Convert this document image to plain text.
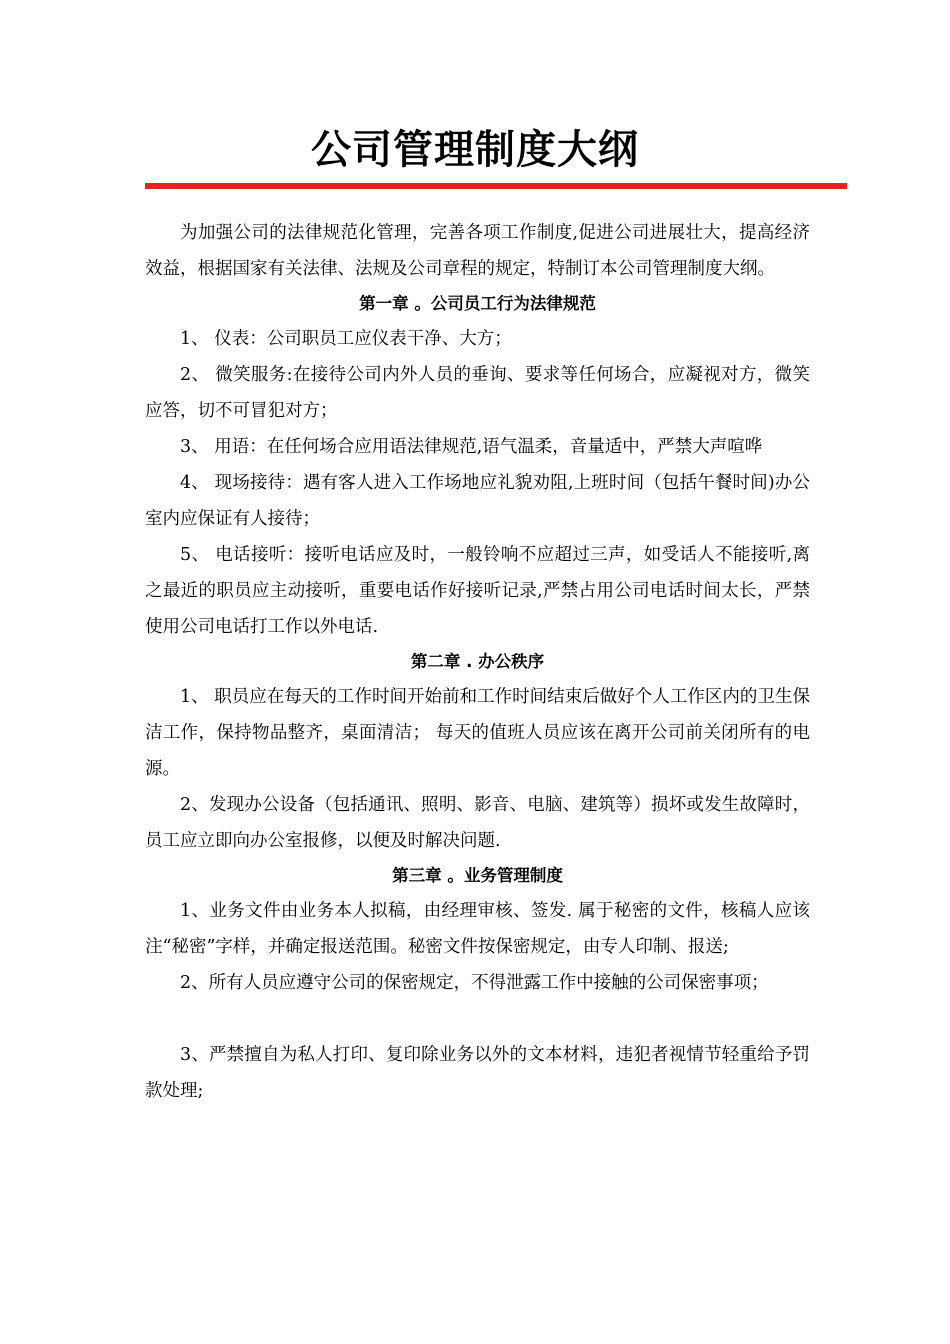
公司管理制度大纲

为加强公司的法律规范化管理，完善各项工作制度,促进公司进展壮大，提高经济效益，根据国家有关法律、法规及公司章程的规定，特制订本公司管理制度大纲。

第一章 。公司员工行为法律规范

1、 仪表：公司职员工应仪表干净、大方；

2、 微笑服务:在接待公司内外人员的垂询、要求等任何场合，应凝视对方，微笑应答，切不可冒犯对方；

3、 用语：在任何场合应用语法律规范,语气温柔，音量适中，严禁大声喧哗

4、 现场接待：遇有客人进入工作场地应礼貌劝阻,上班时间（包括午餐时间)办公室内应保证有人接待；

5、 电话接听：接听电话应及时，一般铃响不应超过三声，如受话人不能接听,离之最近的职员应主动接听，重要电话作好接听记录,严禁占用公司电话时间太长，严禁使用公司电话打工作以外电话.

第二章 . 办公秩序

1、 职员应在每天的工作时间开始前和工作时间结束后做好个人工作区内的卫生保洁工作，保持物品整齐，桌面清洁； 每天的值班人员应该在离开公司前关闭所有的电源。

2、发现办公设备（包括通讯、照明、影音、电脑、建筑等）损坏或发生故障时，员工应立即向办公室报修，以便及时解决问题.

第三章 。业务管理制度

1、业务文件由业务本人拟稿，由经理审核、签发. 属于秘密的文件，核稿人应该注“秘密”字样，并确定报送范围。秘密文件按保密规定，由专人印制、报送;

2、所有人员应遵守公司的保密规定，不得泄露工作中接触的公司保密事项；

3、严禁擅自为私人打印、复印除业务以外的文本材料，违犯者视情节轻重给予罚款处理;
